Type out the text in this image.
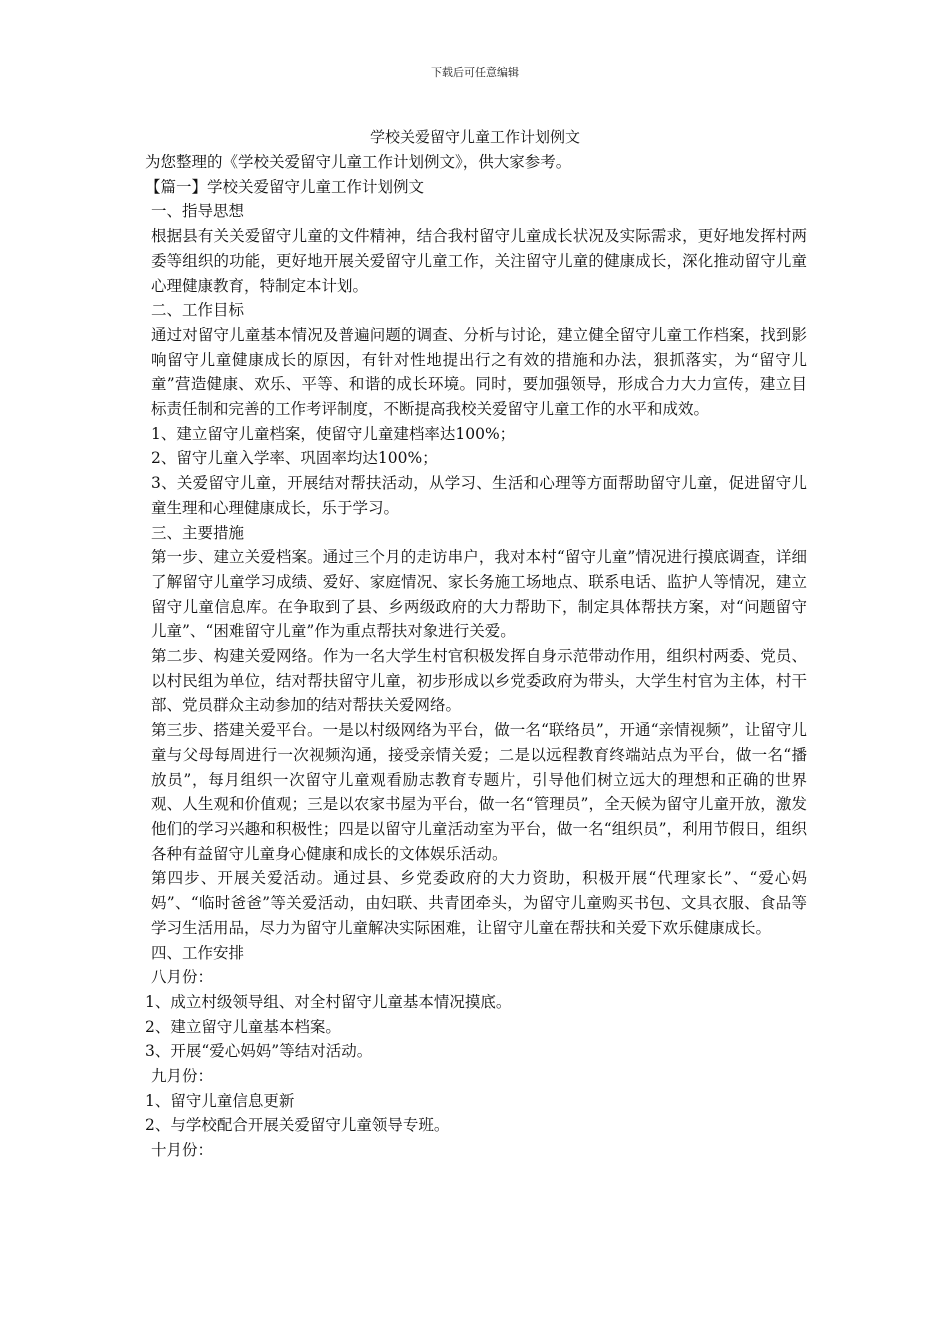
下载后可任意编辑
学校关爱留守儿童工作计划例文

为您整理的《学校关爱留守儿童工作计划例文》，供大家参考。

【篇一】学校关爱留守儿童工作计划例文

一、指导思想

根据县有关关爱留守儿童的文件精神，结合我村留守儿童成长状况及实际需求，更好地发挥村两委等组织的功能，更好地开展关爱留守儿童工作，关注留守儿童的健康成长，深化推动留守儿童心理健康教育，特制定本计划。

二、工作目标

通过对留守儿童基本情况及普遍问题的调查、分析与讨论，建立健全留守儿童工作档案，找到影响留守儿童健康成长的原因，有针对性地提出行之有效的措施和办法，狠抓落实，为“留守儿童”营造健康、欢乐、平等、和谐的成长环境。同时，要加强领导，形成合力大力宣传，建立目标责任制和完善的工作考评制度，不断提高我校关爱留守儿童工作的水平和成效。

1、建立留守儿童档案，使留守儿童建档率达100%；

2、留守儿童入学率、巩固率均达100%；

3、关爱留守儿童，开展结对帮扶活动，从学习、生活和心理等方面帮助留守儿童，促进留守儿童生理和心理健康成长，乐于学习。

三、主要措施

第一步、建立关爱档案。通过三个月的走访串户，我对本村“留守儿童”情况进行摸底调查，详细了解留守儿童学习成绩、爱好、家庭情况、家长务施工场地点、联系电话、监护人等情况，建立留守儿童信息库。在争取到了县、乡两级政府的大力帮助下，制定具体帮扶方案，对“问题留守儿童”、“困难留守儿童”作为重点帮扶对象进行关爱。

第二步、构建关爱网络。作为一名大学生村官积极发挥自身示范带动作用，组织村两委、党员、以村民组为单位，结对帮扶留守儿童，初步形成以乡党委政府为带头，大学生村官为主体，村干部、党员群众主动参加的结对帮扶关爱网络。

第三步、搭建关爱平台。一是以村级网络为平台，做一名“联络员”，开通“亲情视频”，让留守儿童与父母每周进行一次视频沟通，接受亲情关爱；二是以远程教育终端站点为平台，做一名“播放员”，每月组织一次留守儿童观看励志教育专题片，引导他们树立远大的理想和正确的世界观、人生观和价值观；三是以农家书屋为平台，做一名“管理员”，全天候为留守儿童开放，激发他们的学习兴趣和积极性；四是以留守儿童活动室为平台，做一名“组织员”，利用节假日，组织各种有益留守儿童身心健康和成长的文体娱乐活动。

第四步、开展关爱活动。通过县、乡党委政府的大力资助，积极开展“代理家长”、“爱心妈妈”、“临时爸爸”等关爱活动，由妇联、共青团牵头，为留守儿童购买书包、文具衣服、食品等学习生活用品，尽力为留守儿童解决实际困难，让留守儿童在帮扶和关爱下欢乐健康成长。

四、工作安排

八月份：

1、成立村级领导组、对全村留守儿童基本情况摸底。

2、建立留守儿童基本档案。

3、开展“爱心妈妈”等结对活动。

九月份：

1、留守儿童信息更新

2、与学校配合开展关爱留守儿童领导专班。

十月份：
